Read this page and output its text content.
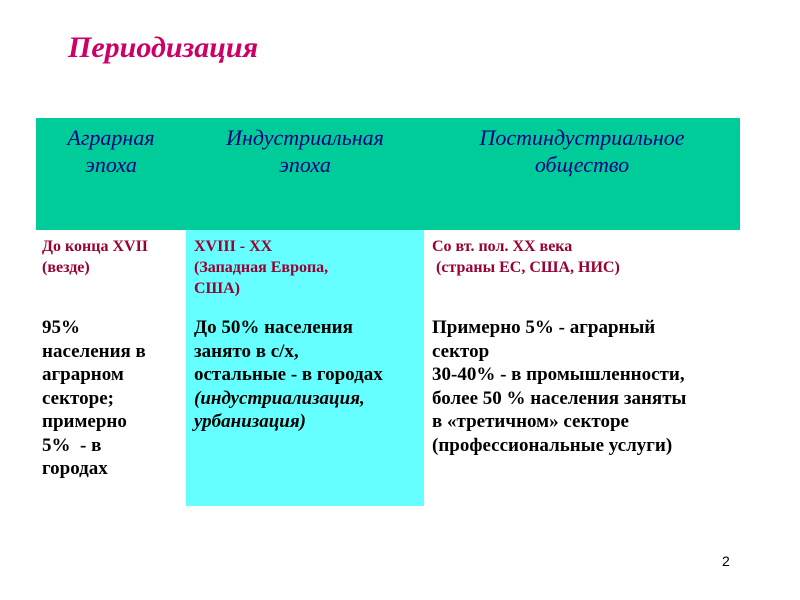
Периодизация
Аграрная
эпоха
Индустриальная
эпоха
Постиндустриальное
общество
До конца XVII
(везде)
XVIII - XX
(Западная Европа,
США)
Со вт. пол. XX века
(страны ЕС, США, НИС)
95%
населения в
аграрном
секторе;
примерно
5%  - в
городах
До 50% населения
занято в с/х,
остальные - в городах
(индустриализация,
урбанизация)
Примерно 5% - аграрный
сектор
30-40% - в промышленности,
более 50 % населения заняты
в «третичном» секторе
(профессиональные услуги)
2
